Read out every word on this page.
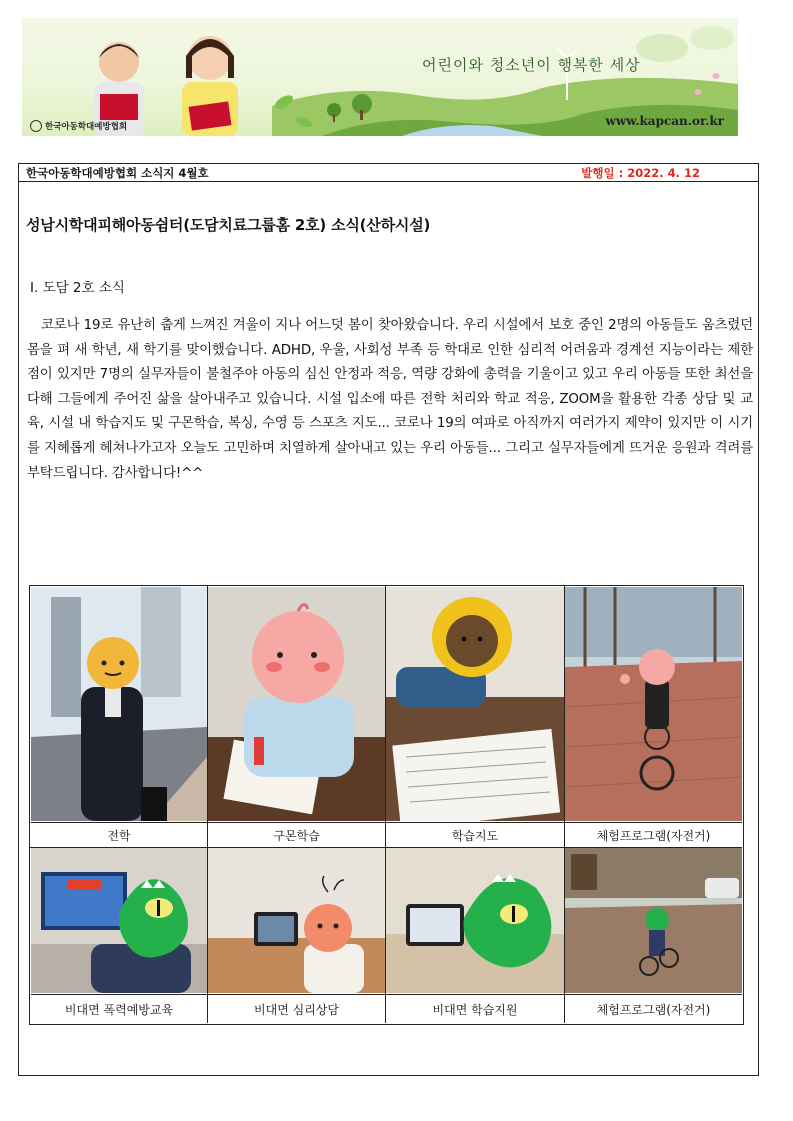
어린이와 청소년이 행복한 세상
www.kapcan.or.kr
한국아동학대예방협회
한국아동학대예방협회 소식지 4월호	발행일 : 2022. 4. 12
성남시학대피해아동쉼터(도담치료그룹홈 2호) 소식(산하시설)
Ⅰ. 도담 2호 소식
코로나 19로 유난히 춥게 느껴진 겨울이 지나 어느덧 봄이 찾아왔습니다. 우리 시설에서 보호 중인 2명의 아동들도 움츠렸던 몸을 펴 새 학년, 새 학기를 맞이했습니다. ADHD, 우울, 사회성 부족 등 학대로 인한 심리적 어려움과 경계선 지능이라는 제한점이 있지만 7명의 실무자들이 불철주야 아동의 심신 안정과 적응, 역량 강화에 총력을 기울이고 있고 우리 아동들 또한 최선을 다해 그들에게 주어진 삶을 살아내주고 있습니다. 시설 입소에 따른 전학 처리와 학교 적응, ZOOM을 활용한 각종 상담 및 교육, 시설 내 학습지도 및 구몬학습, 복싱, 수영 등 스포츠 지도... 코로나 19의 여파로 아직까지 여러가지 제약이 있지만 이 시기를 지혜롭게 헤쳐나가고자 오늘도 고민하며 치열하게 살아내고 있는 우리 아동들... 그리고 실무자들에게 뜨거운 응원과 격려를 부탁드립니다. 감사합니다!^^
전학	구몬학습	학습지도	체험프로그램(자전거)
비대면 폭력예방교육	비대면 심리상담	비대면 학습지원	체험프로그램(자전거)
